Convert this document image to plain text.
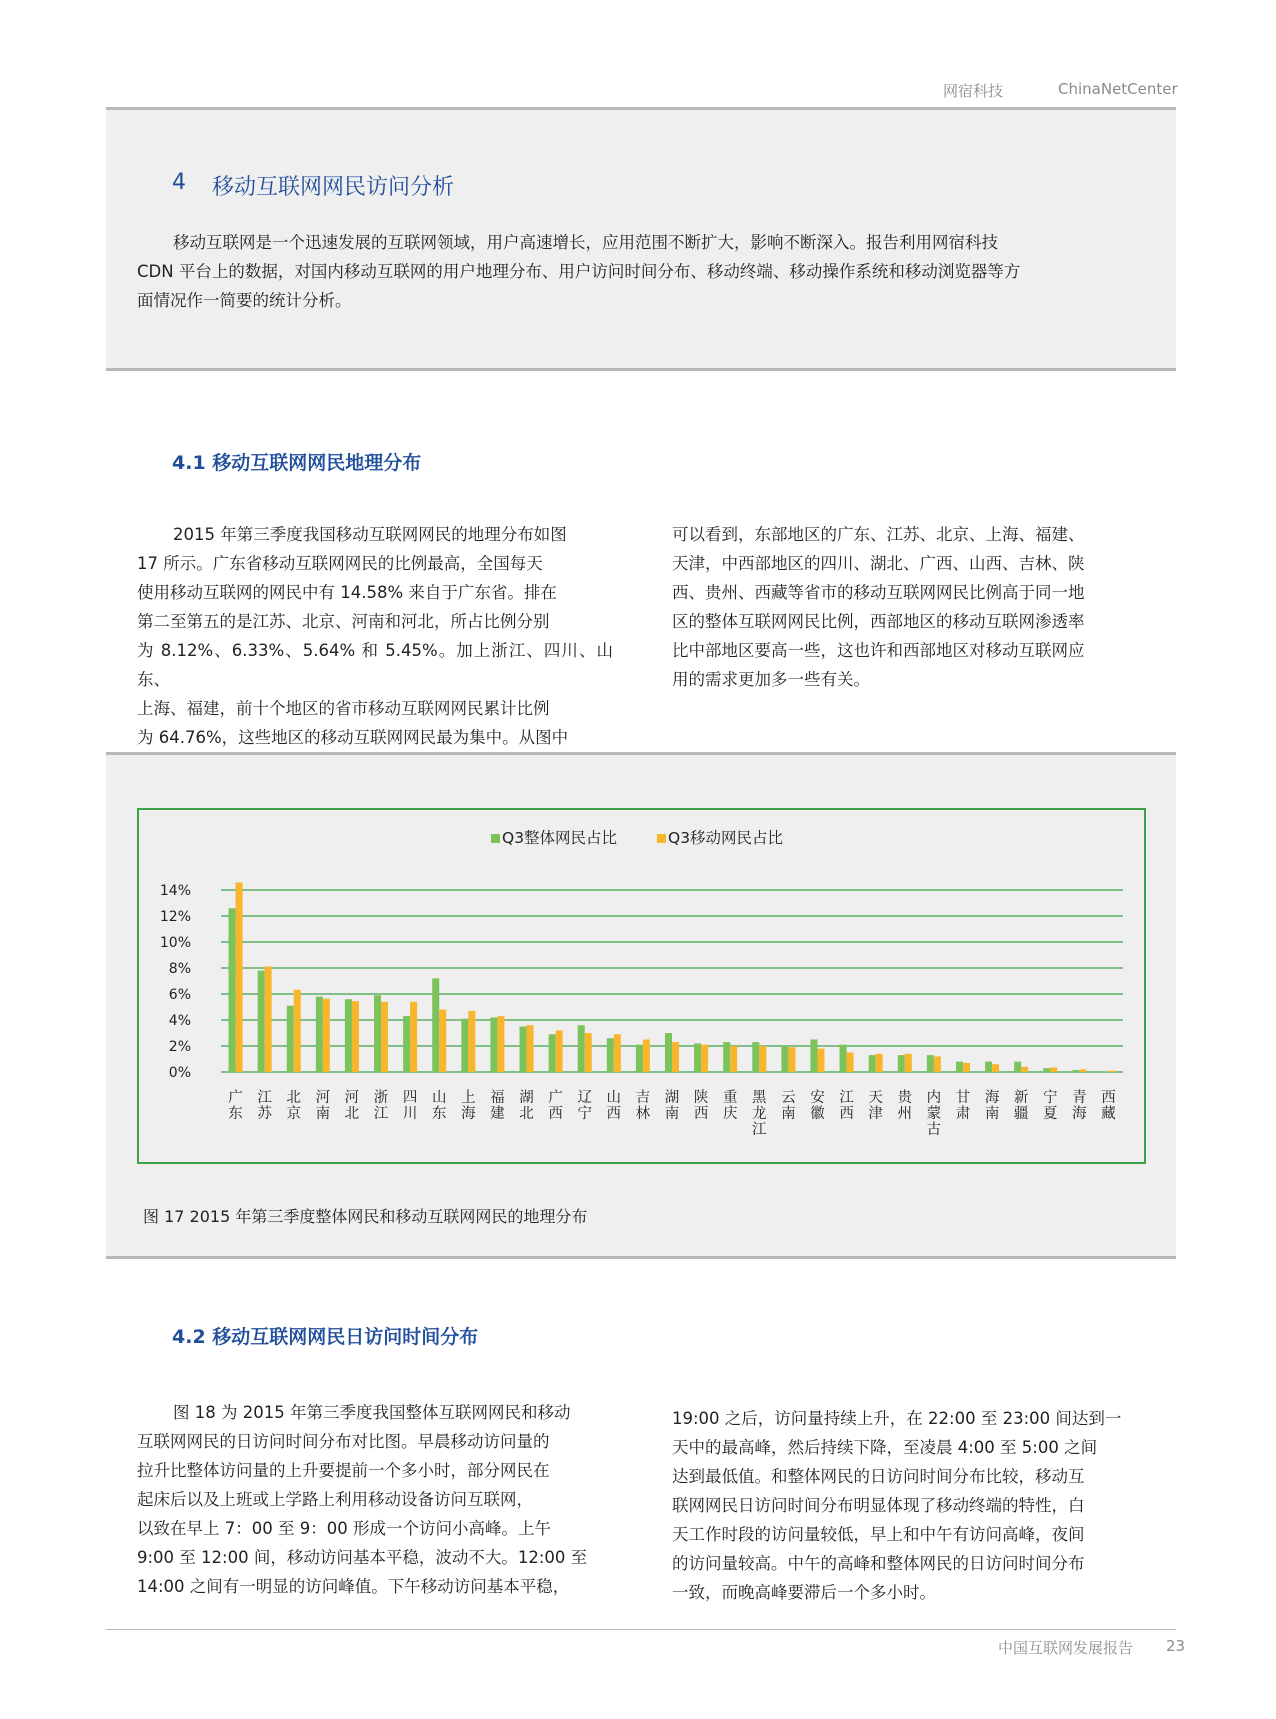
网宿科技	ChinaNetCenter
4 移动互联网网民访问分析
移动互联网是一个迅速发展的互联网领域，用户高速增长，应用范围不断扩大，影响不断深入。报告利用网宿科技
CDN 平台上的数据，对国内移动互联网的用户地理分布、用户访问时间分布、移动终端、移动操作系统和移动浏览器等方
面情况作一简要的统计分析。
4.1 移动互联网网民地理分布
2015 年第三季度我国移动互联网网民的地理分布如图
17 所示。广东省移动互联网网民的比例最高，全国每天
使用移动互联网的网民中有 14.58% 来自于广东省。排在
第二至第五的是江苏、北京、河南和河北，所占比例分别
为 8.12%、6.33%、5.64% 和 5.45%。加上浙江、四川、山东、
上海、福建，前十个地区的省市移动互联网网民累计比例
为 64.76%，这些地区的移动互联网网民最为集中。从图中
可以看到，东部地区的广东、江苏、北京、上海、福建、
天津，中西部地区的四川、湖北、广西、山西、吉林、陕
西、贵州、西藏等省市的移动互联网网民比例高于同一地
区的整体互联网网民比例，西部地区的移动互联网渗透率
比中部地区要高一些，这也许和西部地区对移动互联网应
用的需求更加多一些有关。
0%
2%
4%
6%
8%
10%
12%
14%
Q3整体网民占比	Q3移动网民占比
广东
江苏
北京
河南
河北
浙江
四川
山东
上海
福建
湖北
广西
辽宁
山西
吉林
湖南
陕西
重庆
黑龙江
云南
安徽
江西
天津
贵州
内蒙古
甘肃
海南
新疆
宁夏
青海
西藏
图 17 2015 年第三季度整体网民和移动互联网网民的地理分布
4.2 移动互联网网民日访问时间分布
图 18 为 2015 年第三季度我国整体互联网网民和移动
互联网网民的日访问时间分布对比图。早晨移动访问量的
拉升比整体访问量的上升要提前一个多小时，部分网民在
起床后以及上班或上学路上利用移动设备访问互联网，
以致在早上 7：00 至 9：00 形成一个访问小高峰。上午
9:00 至 12:00 间，移动访问基本平稳，波动不大。12:00 至
14:00 之间有一明显的访问峰值。下午移动访问基本平稳，
19:00 之后，访问量持续上升，在 22:00 至 23:00 间达到一
天中的最高峰，然后持续下降，至凌晨 4:00 至 5:00 之间
达到最低值。和整体网民的日访问时间分布比较，移动互
联网网民日访问时间分布明显体现了移动终端的特性，白
天工作时段的访问量较低，早上和中午有访问高峰，夜间
的访问量较高。中午的高峰和整体网民的日访问时间分布
一致，而晚高峰要滞后一个多小时。
中国互联网发展报告 23
